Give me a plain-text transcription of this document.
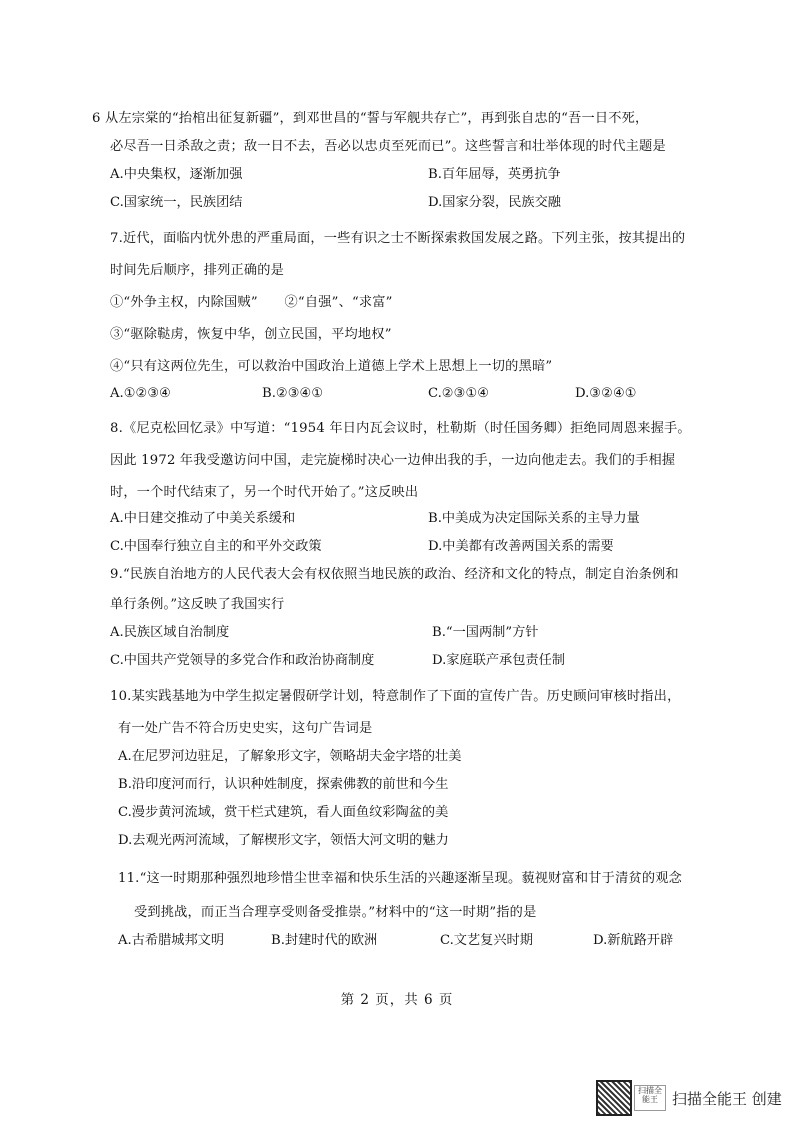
6 从左宗棠的“抬棺出征复新疆”，到邓世昌的“誓与军舰共存亡”，再到张自忠的“吾一日不死，
必尽吾一日杀敌之责；敌一日不去，吾必以忠贞至死而已”。这些誓言和壮举体现的时代主题是
A.中央集权，逐渐加强	B.百年屈辱，英勇抗争
C.国家统一，民族团结	D.国家分裂，民族交融
7.近代，面临内忧外患的严重局面，一些有识之士不断探索救国发展之路。下列主张，按其提出的
时间先后顺序，排列正确的是
①“外争主权，内除国贼”　　②“自强”、“求富”
③“驱除鞑虏，恢复中华，创立民国，平均地权”
④“只有这两位先生，可以救治中国政治上道德上学术上思想上一切的黑暗”
A.①②③④	B.②③④①	C.②③①④	D.③②④①
8.《尼克松回忆录》中写道：“1954 年日内瓦会议时，杜勒斯（时任国务卿）拒绝同周恩来握手。
因此 1972 年我受邀访问中国，走完旋梯时决心一边伸出我的手，一边向他走去。我们的手相握
时，一个时代结束了，另一个时代开始了。”这反映出
A.中日建交推动了中美关系缓和	B.中美成为决定国际关系的主导力量
C.中国奉行独立自主的和平外交政策	D.中美都有改善两国关系的需要
9.“民族自治地方的人民代表大会有权依照当地民族的政治、经济和文化的特点，制定自治条例和
单行条例。”这反映了我国实行
A.民族区域自治制度	B.“一国两制”方针
C.中国共产党领导的多党合作和政治协商制度	D.家庭联产承包责任制
10.某实践基地为中学生拟定暑假研学计划，特意制作了下面的宣传广告。历史顾问审核时指出，
有一处广告不符合历史史实，这句广告词是
A.在尼罗河边驻足，了解象形文字，领略胡夫金字塔的壮美
B.沿印度河而行，认识种姓制度，探索佛教的前世和今生
C.漫步黄河流域，赏干栏式建筑，看人面鱼纹彩陶盆的美
D.去观光两河流域，了解楔形文字，领悟大河文明的魅力
11.“这一时期那种强烈地珍惜尘世幸福和快乐生活的兴趣逐渐呈现。藐视财富和甘于清贫的观念
受到挑战，而正当合理享受则备受推崇。”材料中的“这一时期”指的是
A.古希腊城邦文明	B.封建时代的欧洲	C.文艺复兴时期	D.新航路开辟
第 2 页，共 6 页
扫描全能王 扫描全能王 创建
